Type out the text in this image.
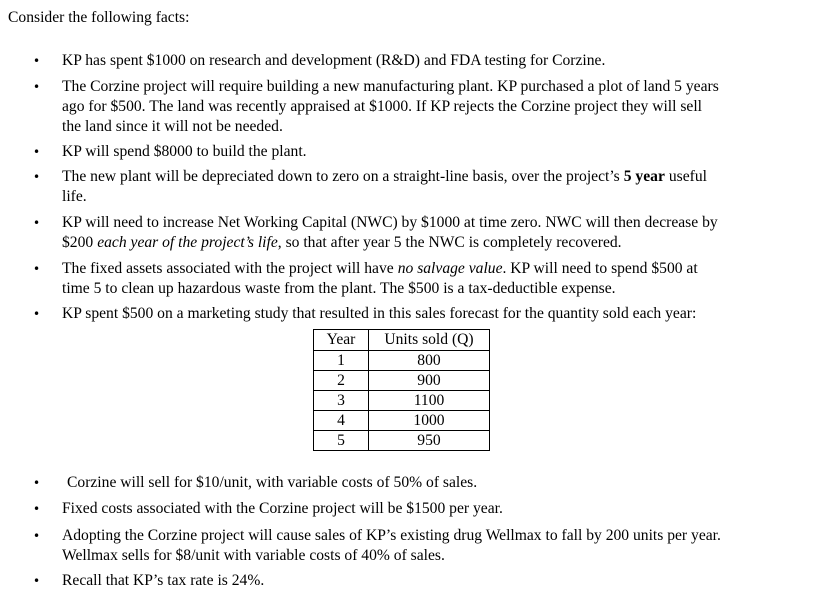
Consider the following facts:
•
KP has spent $1000 on research and development (R&D) and FDA testing for Corzine.
•
The Corzine project will require building a new manufacturing plant. KP purchased a plot of land 5 years
ago for $500. The land was recently appraised at $1000. If KP rejects the Corzine project they will sell
the land since it will not be needed.
•
KP will spend $8000 to build the plant.
•
The new plant will be depreciated down to zero on a straight-line basis, over the project’s 5 year useful
life.
•
KP will need to increase Net Working Capital (NWC) by $1000 at time zero. NWC will then decrease by
$200 each year of the project’s life, so that after year 5 the NWC is completely recovered.
•
The fixed assets associated with the project will have no salvage value. KP will need to spend $500 at
time 5 to clean up hazardous waste from the plant. The $500 is a tax-deductible expense.
•
KP spent $500 on a marketing study that resulted in this sales forecast for the quantity sold each year:
Year	Units sold (Q)
1	800
2	900
3	1100
4	1000
5	950
•
Corzine will sell for $10/unit, with variable costs of 50% of sales.
•
Fixed costs associated with the Corzine project will be $1500 per year.
•
Adopting the Corzine project will cause sales of KP’s existing drug Wellmax to fall by 200 units per year.
Wellmax sells for $8/unit with variable costs of 40% of sales.
•
Recall that KP’s tax rate is 24%.
